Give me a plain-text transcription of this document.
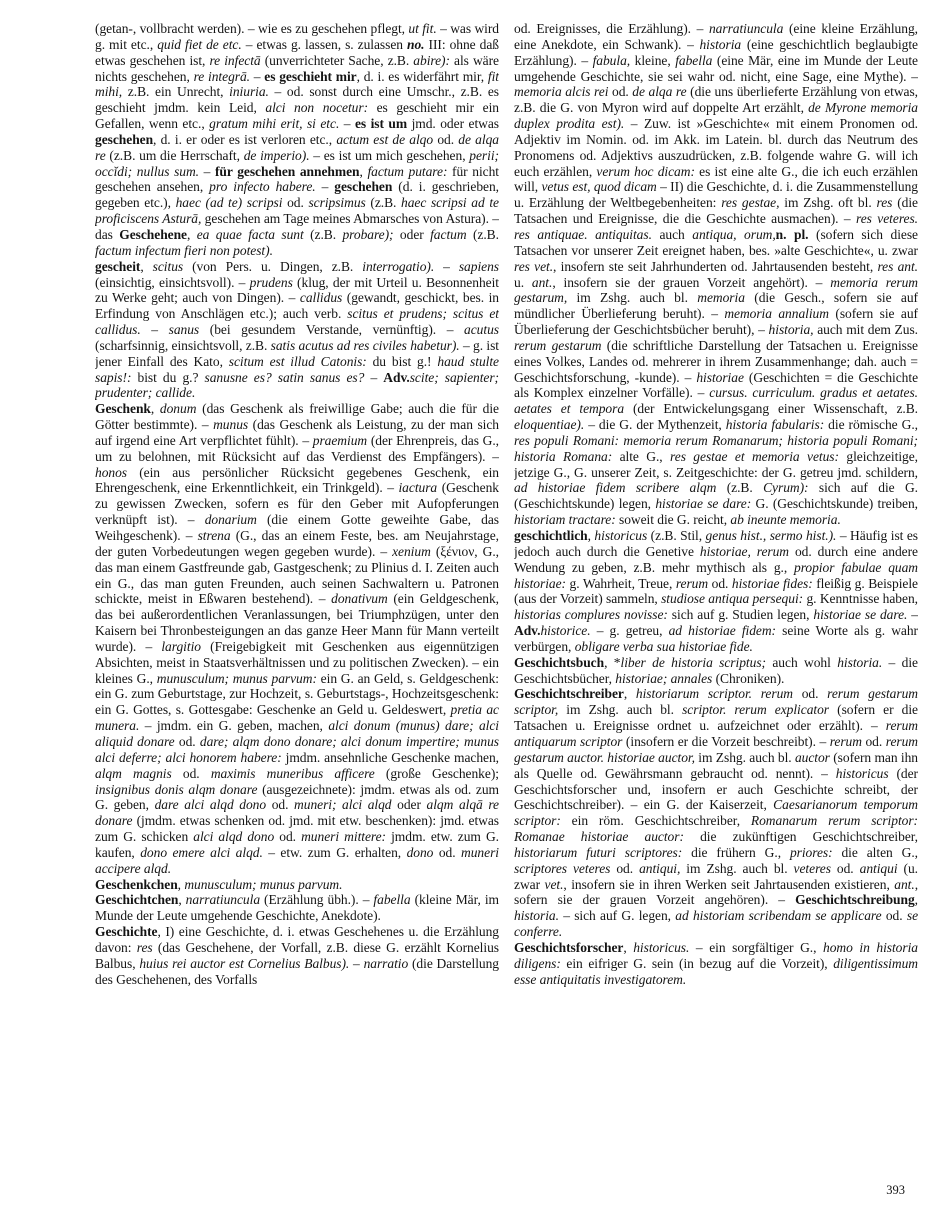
(getan-, vollbracht werden). – wie es zu geschehen pflegt, ut fit. – was wird g. mit etc., quid fiet de etc. – etwas g. lassen, s. zulassen no. III: ohne daß etwas geschehen ist, re infectā (unverrichteter Sache, z.B. abire): als wäre nichts geschehen, re integrā. – es geschieht mir, d. i. es widerfährt mir, fit mihi, z.B. ein Unrecht, iniuria. – od. sonst durch eine Umschr., z.B. es geschieht jmdm. kein Leid, alci non nocetur: es geschieht mir ein Gefallen, wenn etc., gratum mihi erit, si etc. – es ist um jmd. oder etwas geschehen, d. i. er oder es ist verloren etc., actum est de alqo od. de alqa re (z.B. um die Herrschaft, de imperio). – es ist um mich geschehen, perii; occĭdi; nullus sum. – für geschehen annehmen, factum putare: für nicht geschehen ansehen, pro infecto habere. – geschehen (d. i. geschrieben, gegeben etc.), haec (ad te) scripsi od. scripsimus (z.B. haec scripsi ad te proficiscens Asturā, geschehen am Tage meines Abmarsches von Astura). – das Geschehene, ea quae facta sunt (z.B. probare); oder factum (z.B. factum infectum fieri non potest).

gescheit, scitus (von Pers. u. Dingen, z.B. interrogatio). – sapiens (einsichtig, einsichtsvoll). – prudens (klug, der mit Urteil u. Besonnenheit zu Werke geht; auch von Dingen). – callidus (gewandt, geschickt, bes. in Erfindung von Anschlägen etc.); auch verb. scitus et prudens; scitus et callidus. – sanus (bei gesundem Verstande, vernünftig). – acutus (scharfsinnig, einsichtsvoll, z.B. satis acutus ad res civiles habetur). – g. ist jener Einfall des Kato, scitum est illud Catonis: du bist g.! haud stulte sapis!: bist du g.? sanusne es? satin sanus es? – Adv.scite; sapienter; prudenter; callide.

Geschenk, donum (das Geschenk als freiwillige Gabe; auch die für die Götter bestimmte). – munus (das Geschenk als Leistung, zu der man sich auf irgend eine Art verpflichtet fühlt). – praemium (der Ehrenpreis, das G., um zu belohnen, mit Rücksicht auf das Verdienst des Empfängers). – honos (ein aus persönlicher Rücksicht gegebenes Geschenk, ein Ehrengeschenk, eine Erkenntlichkeit, ein Trinkgeld). – iactura (Geschenk zu gewissen Zwecken, sofern es für den Geber mit Aufopferungen verknüpft ist). – donarium (die einem Gotte geweihte Gabe, das Weihgeschenk). – strena (G., das an einem Feste, bes. am Neujahrstage, der guten Vorbedeutungen wegen gegeben wurde). – xenium (ξένιον, G., das man einem Gastfreunde gab, Gastgeschenk; zu Plinius d. I. Zeiten auch ein G., das man guten Freunden, auch seinen Sachwaltern u. Patronen schickte, meist in Eßwaren bestehend). – donativum (ein Geldgeschenk, das bei außerordentlichen Veranlassungen, bei Triumphzügen, unter den Kaisern bei Thronbesteigungen an das ganze Heer Mann für Mann verteilt wurde). – largitio (Freigebigkeit mit Geschenken aus eigennützigen Absichten, meist in Staatsverhältnissen und zu politischen Zwecken). – ein kleines G., munusculum; munus parvum: ein G. an Geld, s. Geldgeschenk: ein G. zum Geburtstage, zur Hochzeit, s. Geburtstags-, Hochzeitsgeschenk: ein G. Gottes, s. Gottesgabe: Geschenke an Geld u. Geldeswert, pretia ac munera. – jmdm. ein G. geben, machen, alci donum (munus) dare; alci aliquid donare od. dare; alqm dono donare; alci donum impertire; munus alci deferre; alci honorem habere: jmdm. ansehnliche Geschenke machen, alqm magnis od. maximis muneribus afficere (große Geschenke); insignibus donis alqm donare (ausgezeichnete): jmdm. etwas als od. zum G. geben, dare alci alqd dono od. muneri; alci alqd oder alqm alqā re donare (jmdm. etwas schenken od. jmd. mit etw. beschenken): jmd. etwas zum G. schicken alci alqd dono od. muneri mittere: jmdm. etw. zum G. kaufen, dono emere alci alqd. – etw. zum G. erhalten, dono od. muneri accipere alqd.

Geschenkchen, munusculum; munus parvum.

Geschichtchen, narratiuncula (Erzählung übh.). – fabella (kleine Mär, im Munde der Leute umgehende Geschichte, Anekdote).

Geschichte, I) eine Geschichte, d. i. etwas Geschehenes u. die Erzählung davon: res (das Geschehene, der Vorfall, z.B. diese G. erzählt Kornelius Balbus, huius rei auctor est Cornelius Balbus). – narratio (die Darstellung des Geschehenen, des Vorfalls

od. Ereignisses, die Erzählung). – narratiuncula (eine kleine Erzählung, eine Anekdote, ein Schwank). – historia (eine geschichtlich beglaubigte Erzählung). – fabula, kleine, fabella (eine Mär, eine im Munde der Leute umgehende Geschichte, sie sei wahr od. nicht, eine Sage, eine Mythe). – memoria alcis rei od. de alqa re (die uns überlieferte Erzählung von etwas, z.B. die G. von Myron wird auf doppelte Art erzählt, de Myrone memoria duplex prodita est). – Zuw. ist »Geschichte« mit einem Pronomen od. Adjektiv im Nomin. od. im Akk. im Latein. bl. durch das Neutrum des Pronomens od. Adjektivs auszudrücken, z.B. folgende wahre G. will ich euch erzählen, verum hoc dicam: es ist eine alte G., die ich euch erzählen will, vetus est, quod dicam – II) die Geschichte, d. i. die Zusammenstellung u. Erzählung der Weltbegebenheiten: res gestae, im Zshg. oft bl. res (die Tatsachen und Ereignisse, die die Geschichte ausmachen). – res veteres. res antiquae. antiquitas. auch antiqua, orum,n. pl. (sofern sich diese Tatsachen vor unserer Zeit ereignet haben, bes. »alte Geschichte«, u. zwar res vet., insofern ste seit Jahrhunderten od. Jahrtausenden besteht, res ant. u. ant., insofern sie der grauen Vorzeit angehört). – memoria rerum gestarum, im Zshg. auch bl. memoria (die Gesch., sofern sie auf mündlicher Überlieferung beruht). – memoria annalium (sofern sie auf Überlieferung der Geschichtsbücher beruht), – historia, auch mit dem Zus. rerum gestarum (die schriftliche Darstellung der Tatsachen u. Ereignisse eines Volkes, Landes od. mehrerer in ihrem Zusammenhange; dah. auch = Geschichtsforschung, -kunde). – historiae (Geschichten = die Geschichte als Komplex einzelner Vorfälle). – cursus. curriculum. gradus et aetates. aetates et tempora (der Entwickelungsgang einer Wissenschaft, z.B. eloquentiae). – die G. der Mythenzeit, historia fabularis: die römische G., res populi Romani: memoria rerum Romanarum; historia populi Romani; historia Romana: alte G., res gestae et memoria vetus: gleichzeitige, jetzige G., G. unserer Zeit, s. Zeitgeschichte: der G. getreu jmd. schildern, ad historiae fidem scribere alqm (z.B. Cyrum): sich auf die G. (Geschichtskunde) legen, historiae se dare: G. (Geschichtskunde) treiben, historiam tractare: soweit die G. reicht, ab ineunte memoria.

geschichtlich, historicus (z.B. Stil, genus hist., sermo hist.). – Häufig ist es jedoch auch durch die Genetive historiae, rerum od. durch eine andere Wendung zu geben, z.B. mehr mythisch als g., propior fabulae quam historiae: g. Wahrheit, Treue, rerum od. historiae fides: fleißig g. Beispiele (aus der Vorzeit) sammeln, studiose antiqua persequi: g. Kenntnisse haben, historias complures novisse: sich auf g. Studien legen, historiae se dare. – Adv.historice. – g. getreu, ad historiae fidem: seine Worte als g. wahr verbürgen, obligare verba sua historiae fide.

Geschichtsbuch, *liber de historia scriptus; auch wohl historia. – die Geschichtsbücher, historiae; annales (Chroniken).

Geschichtschreiber, historiarum scriptor. rerum od. rerum gestarum scriptor, im Zshg. auch bl. scriptor. rerum explicator (sofern er die Tatsachen u. Ereignisse ordnet u. aufzeichnet oder erzählt). – rerum antiquarum scriptor (insofern er die Vorzeit beschreibt). – rerum od. rerum gestarum auctor. historiae auctor, im Zshg. auch bl. auctor (sofern man ihn als Quelle od. Gewährsmann gebraucht od. nennt). – historicus (der Geschichtsforscher und, insofern er auch Geschichte schreibt, der Geschichtschreiber). – ein G. der Kaiserzeit, Caesarianorum temporum scriptor: ein röm. Geschichtschreiber, Romanarum rerum scriptor: Romanae historiae auctor: die zukünftigen Geschichtschreiber, historiarum futuri scriptores: die frühern G., priores: die alten G., scriptores veteres od. antiqui, im Zshg. auch bl. veteres od. antiqui (u. zwar vet., insofern sie in ihren Werken seit Jahrtausenden existieren, ant., sofern sie der grauen Vorzeit angehören). – Geschichtschreibung, historia. – sich auf G. legen, ad historiam scribendam se applicare od. se conferre.

Geschichtsforscher, historicus. – ein sorgfältiger G., homo in historia diligens: ein eifriger G. sein (in bezug auf die Vorzeit), diligentissimum esse antiquitatis investigatorem.

393
